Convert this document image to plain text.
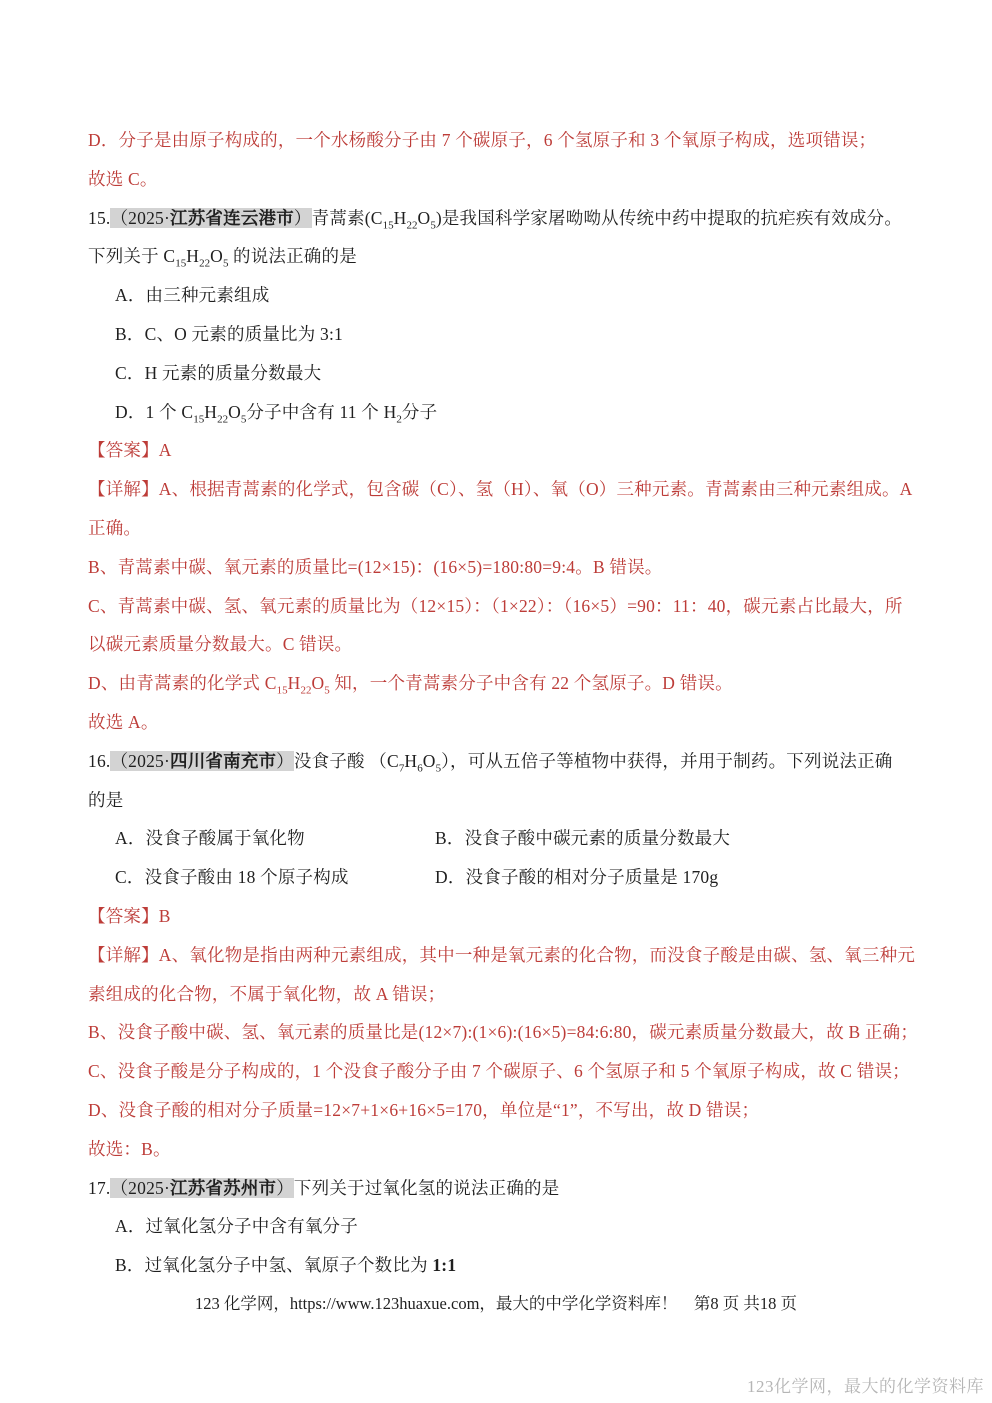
D．分子是由原子构成的，一个水杨酸分子由 7 个碳原子，6 个氢原子和 3 个氧原子构成，选项错误；
故选 C。
15.（2025·江苏省连云港市）青蒿素$(C_{15}H_{22}O_5)$是我国科学家屠呦呦从传统中药中提取的抗疟疾有效成分。
下列关于 $C_{15}H_{22}O_5$ 的说法正确的是
A．由三种元素组成
B．C、O 元素的质量比为 3:1
C．H 元素的质量分数最大
D．1 个 $C_{15}H_{22}O_5$分子中含有 11 个 $H_2$分子
【答案】A
【详解】A、根据青蒿素的化学式，包含碳（C）、氢（H）、氧（O）三种元素。青蒿素由三种元素组成。A
正确。
B、青蒿素中碳、氧元素的质量比=(12×15)：(16×5)=180:80=9:4。B 错误。
C、青蒿素中碳、氢、氧元素的质量比为（12×15）：（1×22）：（16×5）=90：11：40，碳元素占比最大，所
以碳元素质量分数最大。C 错误。
D、由青蒿素的化学式 $C_{15}H_{22}O_5$ 知，一个青蒿素分子中含有 22 个氢原子。D 错误。
故选 A。
16.（2025·四川省南充市）没食子酸 $(C_7H_6O_5)$，可从五倍子等植物中获得，并用于制药。下列说法正确
的是
A．没食子酸属于氧化物	B．没食子酸中碳元素的质量分数最大
C．没食子酸由 18 个原子构成	D．没食子酸的相对分子质量是 170g
【答案】B
【详解】A、氧化物是指由两种元素组成，其中一种是氧元素的化合物，而没食子酸是由碳、氢、氧三种元
素组成的化合物，不属于氧化物，故 A 错误；
B、没食子酸中碳、氢、氧元素的质量比是(12×7):(1×6):(16×5)=84:6:80，碳元素质量分数最大，故 B 正确；
C、没食子酸是分子构成的，1 个没食子酸分子由 7 个碳原子、6 个氢原子和 5 个氧原子构成，故 C 错误；
D、没食子酸的相对分子质量=12×7+1×6+16×5=170，单位是“1”，不写出，故 D 错误；
故选：B。
17.（2025·江苏省苏州市）下列关于过氧化氢的说法正确的是
A．过氧化氢分子中含有氧分子
B．过氧化氢分子中氢、氧原子个数比为 1:1
123 化学网，https://www.123huaxue.com，最大的中学化学资料库！    第8 页 共18 页
123化学网，最大的化学资料库
